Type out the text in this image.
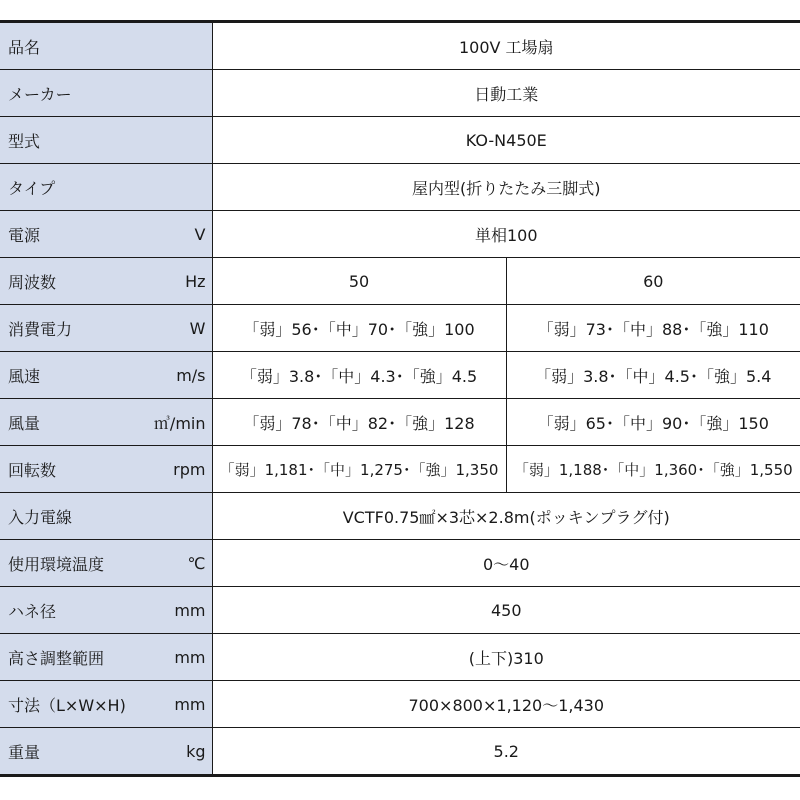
品名	100V 工場扇	

メーカー	日動工業	

型式	KO-N450E	

タイプ	屋内型(折りたたみ三脚式)	

電源 V	単相100	

周波数 Hz	50	60

消費電力 W	「弱」56･「中」70･「強」100	「弱」73･「中」88･「強」110

風速 m/s	「弱」3.8･「中」4.3･「強」4.5	「弱」3.8･「中」4.5･「強」5.4

風量 ㎥/min	「弱」78･「中」82･「強」128	「弱」65･「中」90･「強」150

回転数 rpm	「弱」1,181･「中」1,275･「強」1,350	「弱」1,188･「中」1,360･「強」1,550

入力電線	VCTF0.75㎟×3芯×2.8m(ポッキンプラグ付)	

使用環境温度 ℃	0～40	

ハネ径 mm	450	

高さ調整範囲 mm	(上下)310	

寸法（L×W×H) mm	700×800×1,120～1,430	

重量 kg	5.2	
